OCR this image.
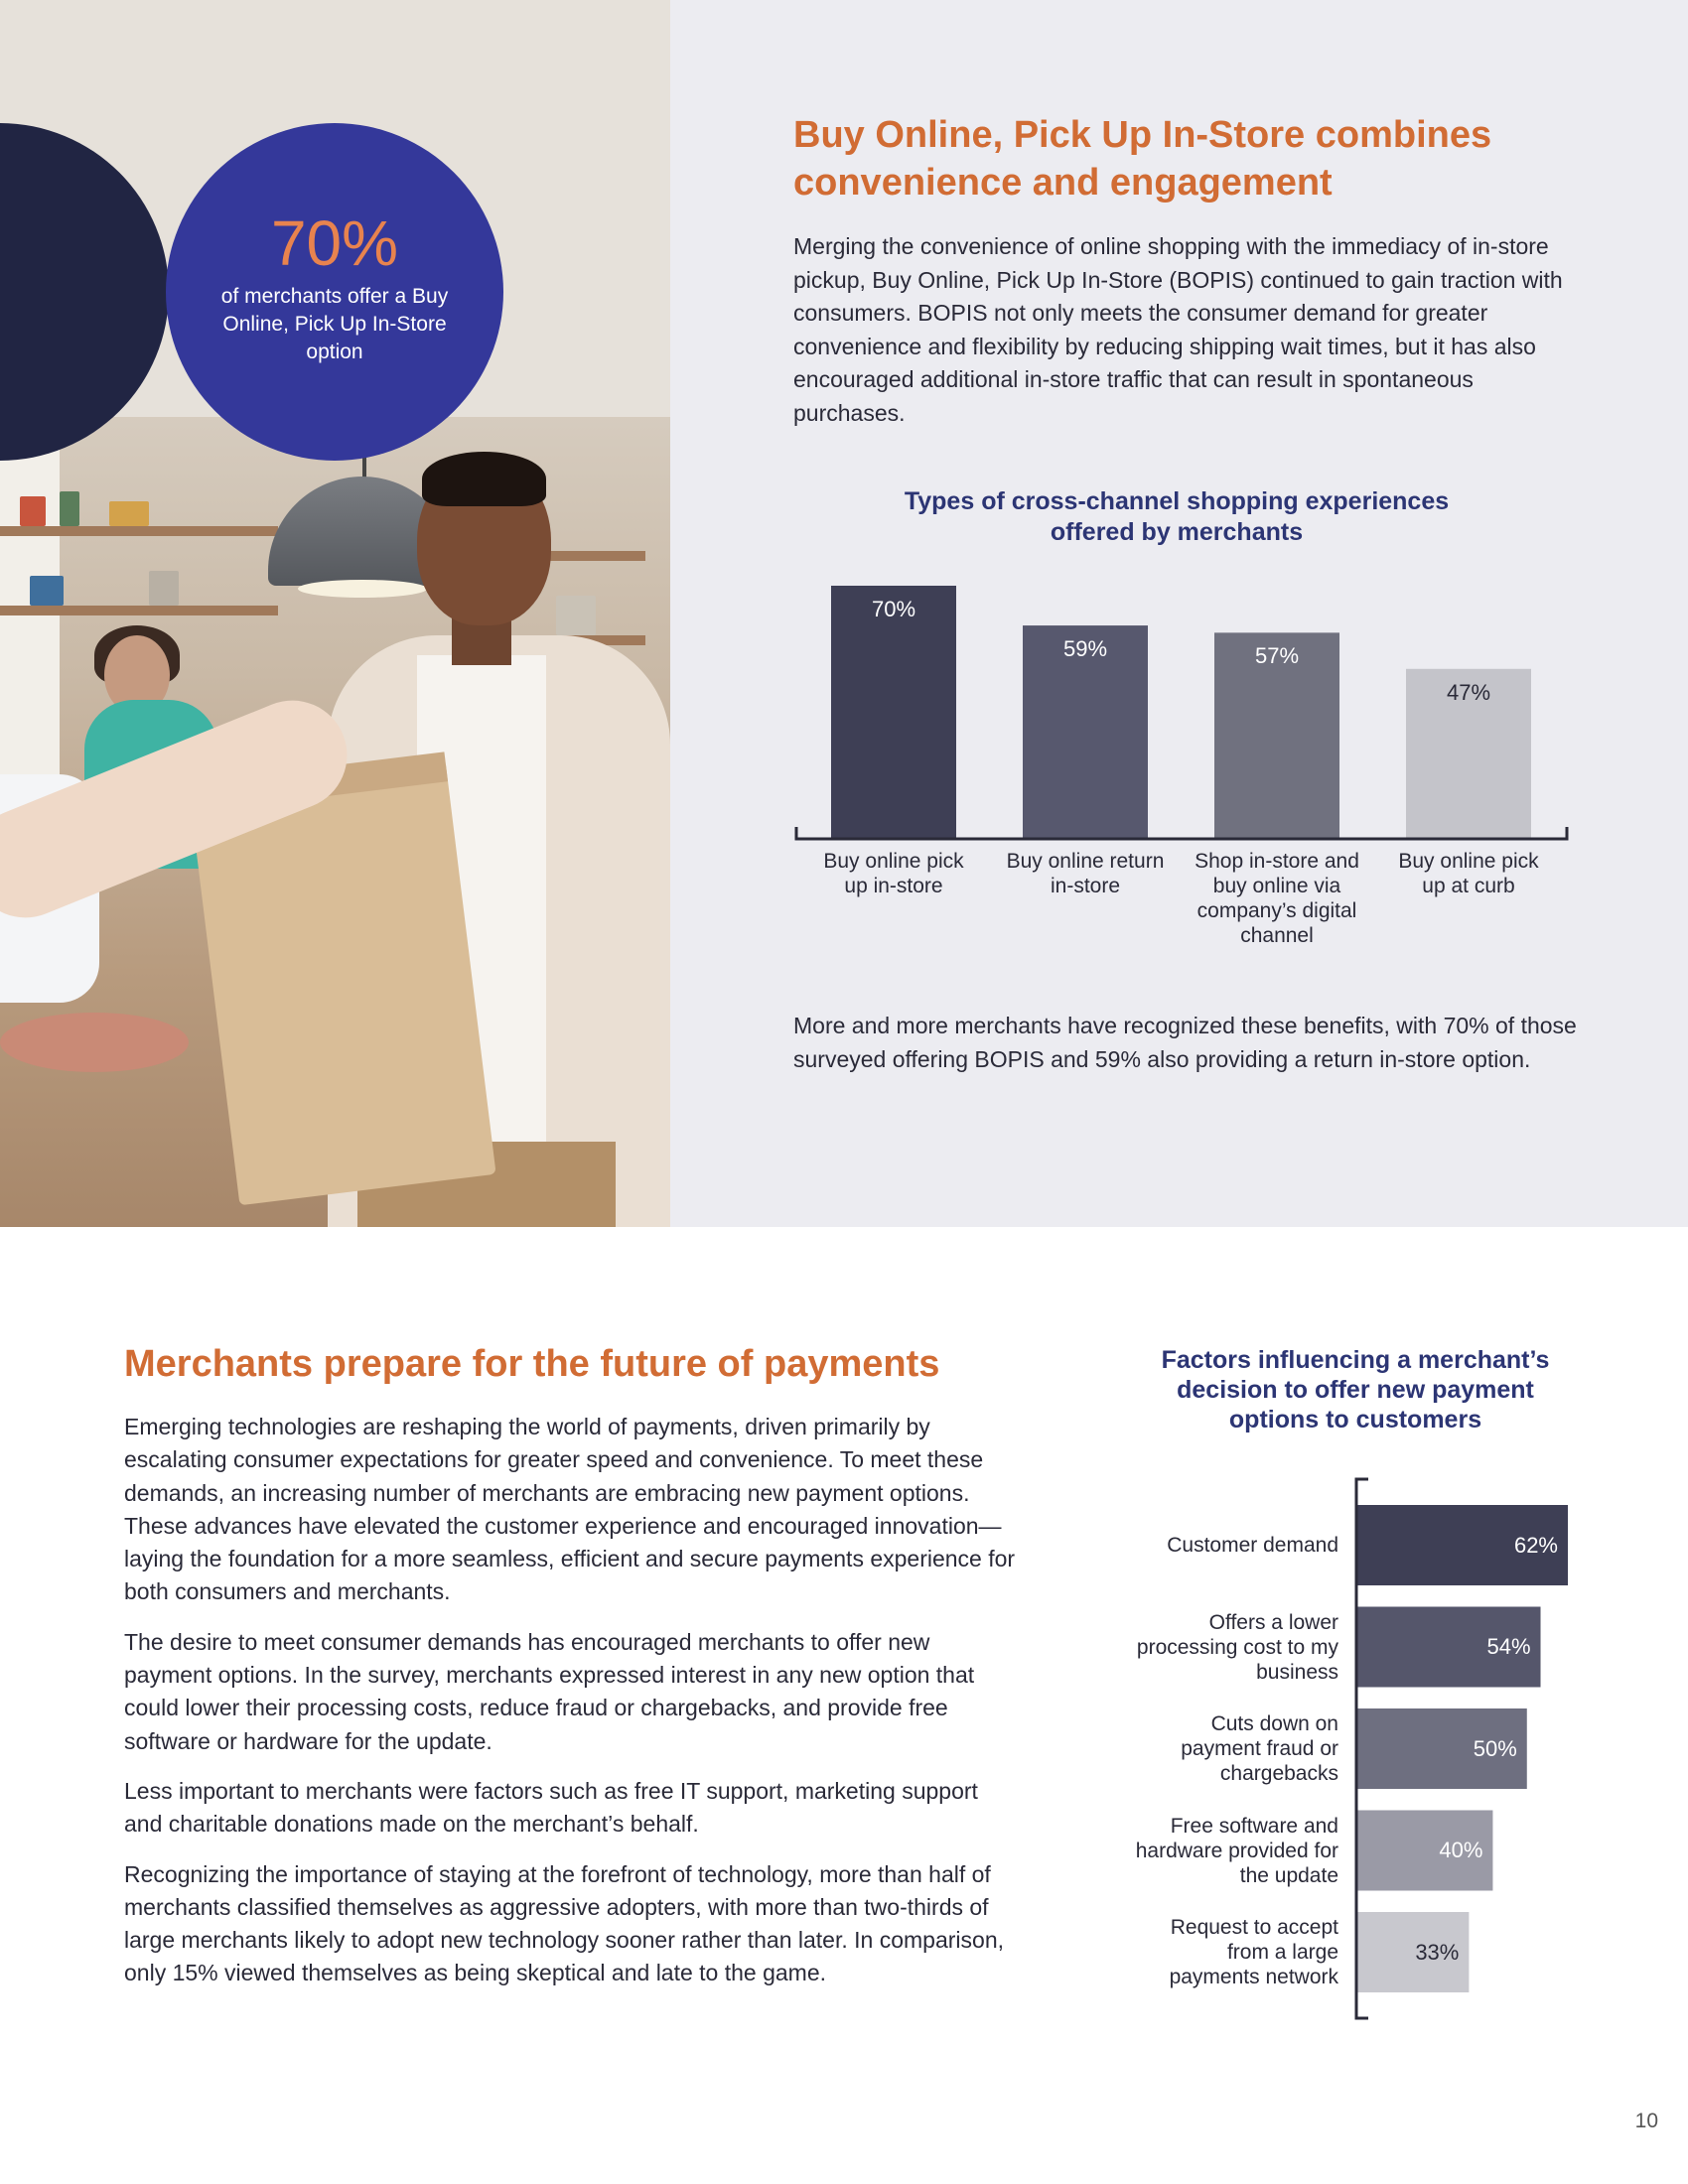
70%
of merchants offer a Buy Online, Pick Up In-Store option
Buy Online, Pick Up In-Store combines convenience and engagement

Merging the convenience of online shopping with the immediacy of in-store pickup, Buy Online, Pick Up In-Store (BOPIS) continued to gain traction with consumers. BOPIS not only meets the consumer demand for greater convenience and flexibility by reducing shipping wait times, but it has also encouraged additional in-store traffic that can result in spontaneous purchases.

Types of cross-channel shopping experiences offered by merchants
70%
Buy online pick up in-store
59%
Buy online return in-store
57%
Shop in-store and buy online via company’s digital channel
47%
Buy online pick up at curb

More and more merchants have recognized these benefits, with 70% of those surveyed offering BOPIS and 59% also providing a return in-store option.

Merchants prepare for the future of payments

Emerging technologies are reshaping the world of payments, driven primarily by escalating consumer expectations for greater speed and convenience. To meet these demands, an increasing number of merchants are embracing new payment options. These advances have elevated the customer experience and encouraged innovation—laying the foundation for a more seamless, efficient and secure payments experience for both consumers and merchants.

The desire to meet consumer demands has encouraged merchants to offer new payment options. In the survey, merchants expressed interest in any new option that could lower their processing costs, reduce fraud or chargebacks, and provide free software or hardware for the update.

Less important to merchants were factors such as free IT support, marketing support and charitable donations made on the merchant’s behalf.

Recognizing the importance of staying at the forefront of technology, more than half of merchants classified themselves as aggressive adopters, with more than two-thirds of large merchants likely to adopt new technology sooner rather than later. In comparison, only 15% viewed themselves as being skeptical and late to the game.

Factors influencing a merchant’s decision to offer new payment options to customers
62%
Customer demand
54%
Offers a lower processing cost to my business
50%
Cuts down on payment fraud or chargebacks
40%
Free software and hardware provided for the update
33%
Request to accept from a large payments network
10
